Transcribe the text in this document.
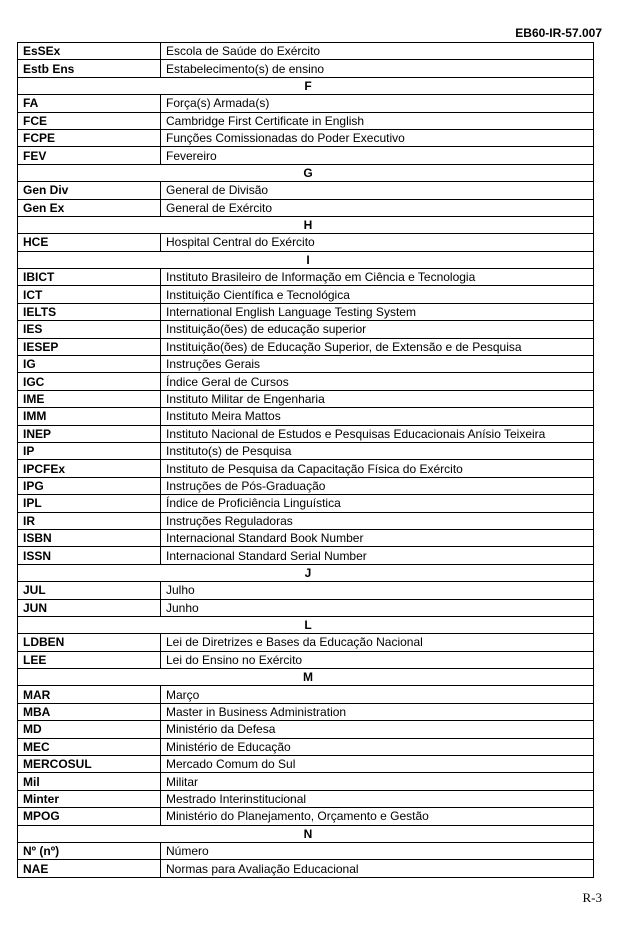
EB60-IR-57.007
EsSEx	Escola de Saúde do Exército
Estb Ens	Estabelecimento(s) de ensino
F	
FA	Força(s) Armada(s)
FCE	Cambridge First Certificate in English
FCPE	Funções Comissionadas do Poder Executivo
FEV	Fevereiro
G	
Gen Div	General de Divisão
Gen Ex	General de Exército
H	
HCE	Hospital Central do Exército
I	
IBICT	Instituto Brasileiro de Informação em Ciência e Tecnologia
ICT	Instituição Científica e Tecnológica
IELTS	International English Language Testing System
IES	Instituição(ões) de educação superior
IESEP	Instituição(ões) de Educação Superior, de Extensão e de Pesquisa
IG	Instruções Gerais
IGC	Índice Geral de Cursos
IME	Instituto Militar de Engenharia
IMM	Instituto Meira Mattos
INEP	Instituto Nacional de Estudos e Pesquisas Educacionais Anísio Teixeira
IP	Instituto(s) de Pesquisa
IPCFEx	Instituto de Pesquisa da Capacitação Física do Exército
IPG	Instruções de Pós-Graduação
IPL	Índice de Proficiência Linguística
IR	Instruções Reguladoras
ISBN	Internacional Standard Book Number
ISSN	Internacional Standard Serial Number
J	
JUL	Julho
JUN	Junho
L	
LDBEN	Lei de Diretrizes e Bases da Educação Nacional
LEE	Lei do Ensino no Exército
M	
MAR	Março
MBA	Master in Business Administration
MD	Ministério da Defesa
MEC	Ministério de Educação
MERCOSUL	Mercado Comum do Sul
Mil	Militar
Minter	Mestrado Interinstitucional
MPOG	Ministério do Planejamento, Orçamento e Gestão
N	
Nº (nº)	Número
NAE	Normas para Avaliação Educacional
R-3
